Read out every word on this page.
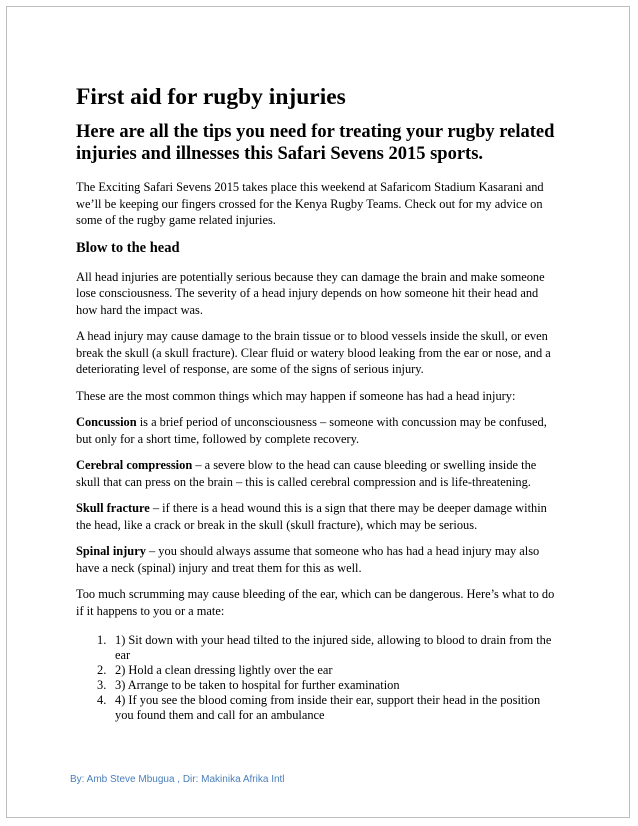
First aid for rugby injuries
Here are all the tips you need for treating your rugby related injuries and illnesses this Safari Sevens 2015 sports.

The Exciting Safari Sevens 2015 takes place this weekend at Safaricom Stadium Kasarani and we’ll be keeping our fingers crossed for the Kenya Rugby Teams. Check out for my advice on some of the rugby game related injuries.

Blow to the head

All head injuries are potentially serious because they can damage the brain and make someone lose consciousness. The severity of a head injury depends on how someone hit their head and how hard the impact was.

A head injury may cause damage to the brain tissue or to blood vessels inside the skull, or even break the skull (a skull fracture). Clear fluid or watery blood leaking from the ear or nose, and a deteriorating level of response, are some of the signs of serious injury.

These are the most common things which may happen if someone has had a head injury:

Concussion is a brief period of unconsciousness – someone with concussion may be confused, but only for a short time, followed by complete recovery.

Cerebral compression – a severe blow to the head can cause bleeding or swelling inside the skull that can press on the brain – this is called cerebral compression and is life-threatening.

Skull fracture – if there is a head wound this is a sign that there may be deeper damage within the head, like a crack or break in the skull (skull fracture), which may be serious.

Spinal injury – you should always assume that someone who has had a head injury may also have a neck (spinal) injury and treat them for this as well.

Too much scrumming may cause bleeding of the ear, which can be dangerous. Here’s what to do if it happens to you or a mate:

1. 1) Sit down with your head tilted to the injured side, allowing to blood to drain from the ear
2. 2) Hold a clean dressing lightly over the ear
3. 3) Arrange to be taken to hospital for further examination
4. 4) If you see the blood coming from inside their ear, support their head in the position you found them and call for an ambulance
By: Amb Steve Mbugua , Dir: Makinika Afrika Intl
